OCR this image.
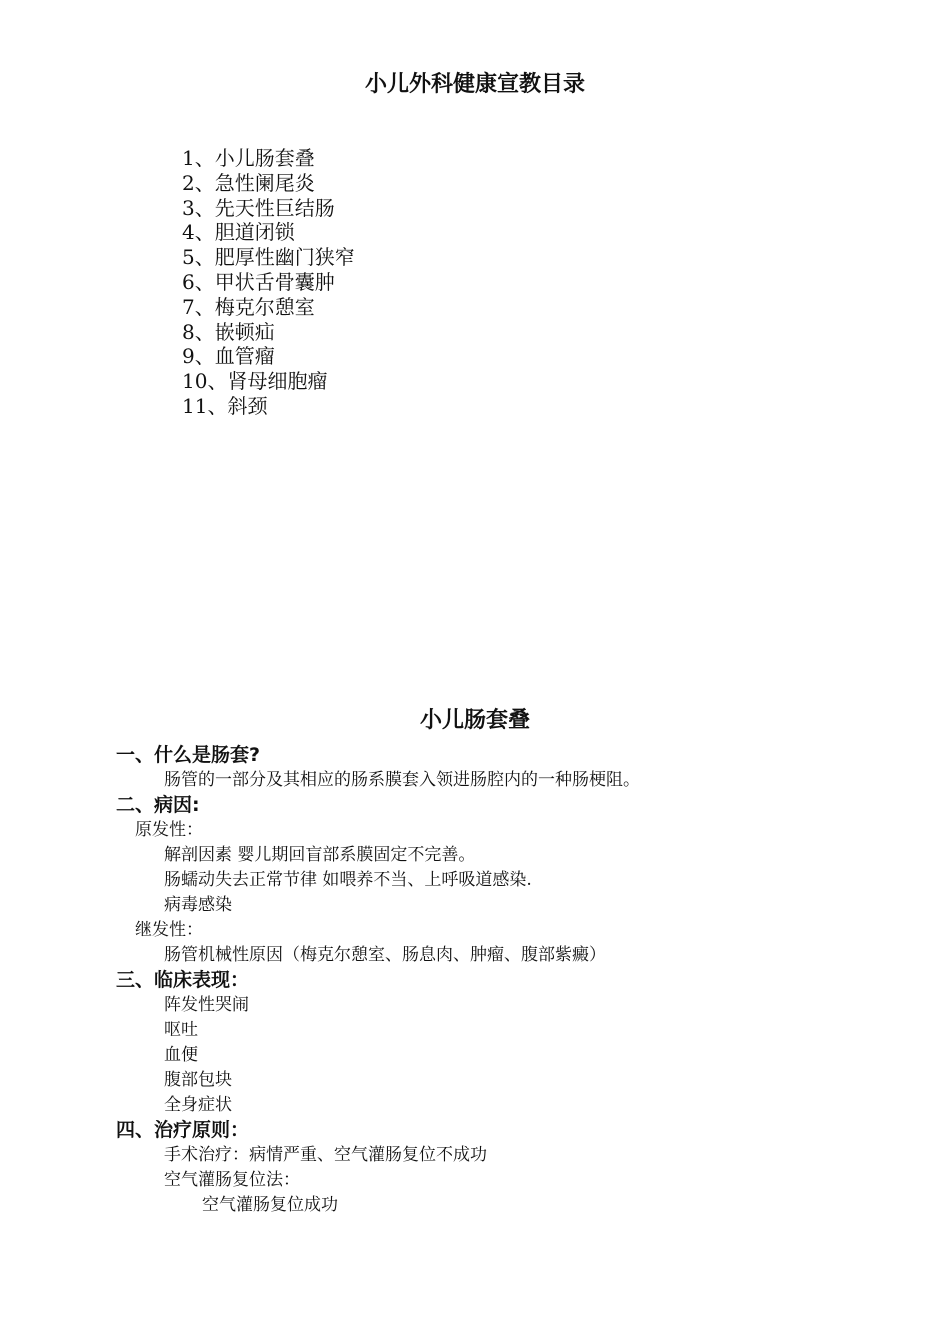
小儿外科健康宣教目录
1、小儿肠套叠
2、急性阑尾炎
3、先天性巨结肠
4、胆道闭锁
5、肥厚性幽门狭窄
6、甲状舌骨囊肿
7、梅克尔憩室
8、嵌顿疝
9、血管瘤
10、肾母细胞瘤
11、斜颈
小儿肠套叠
一、什么是肠套?
肠管的一部分及其相应的肠系膜套入领进肠腔内的一种肠梗阻。
二、病因:
原发性：
解剖因素 婴儿期回盲部系膜固定不完善。
肠蠕动失去正常节律 如喂养不当、上呼吸道感染.
病毒感染
继发性：
肠管机械性原因（梅克尔憩室、肠息肉、肿瘤、腹部紫癜）
三、临床表现：
阵发性哭闹
呕吐
血便
腹部包块
全身症状
四、治疗原则：
手术治疗：病情严重、空气灌肠复位不成功
空气灌肠复位法：
空气灌肠复位成功
